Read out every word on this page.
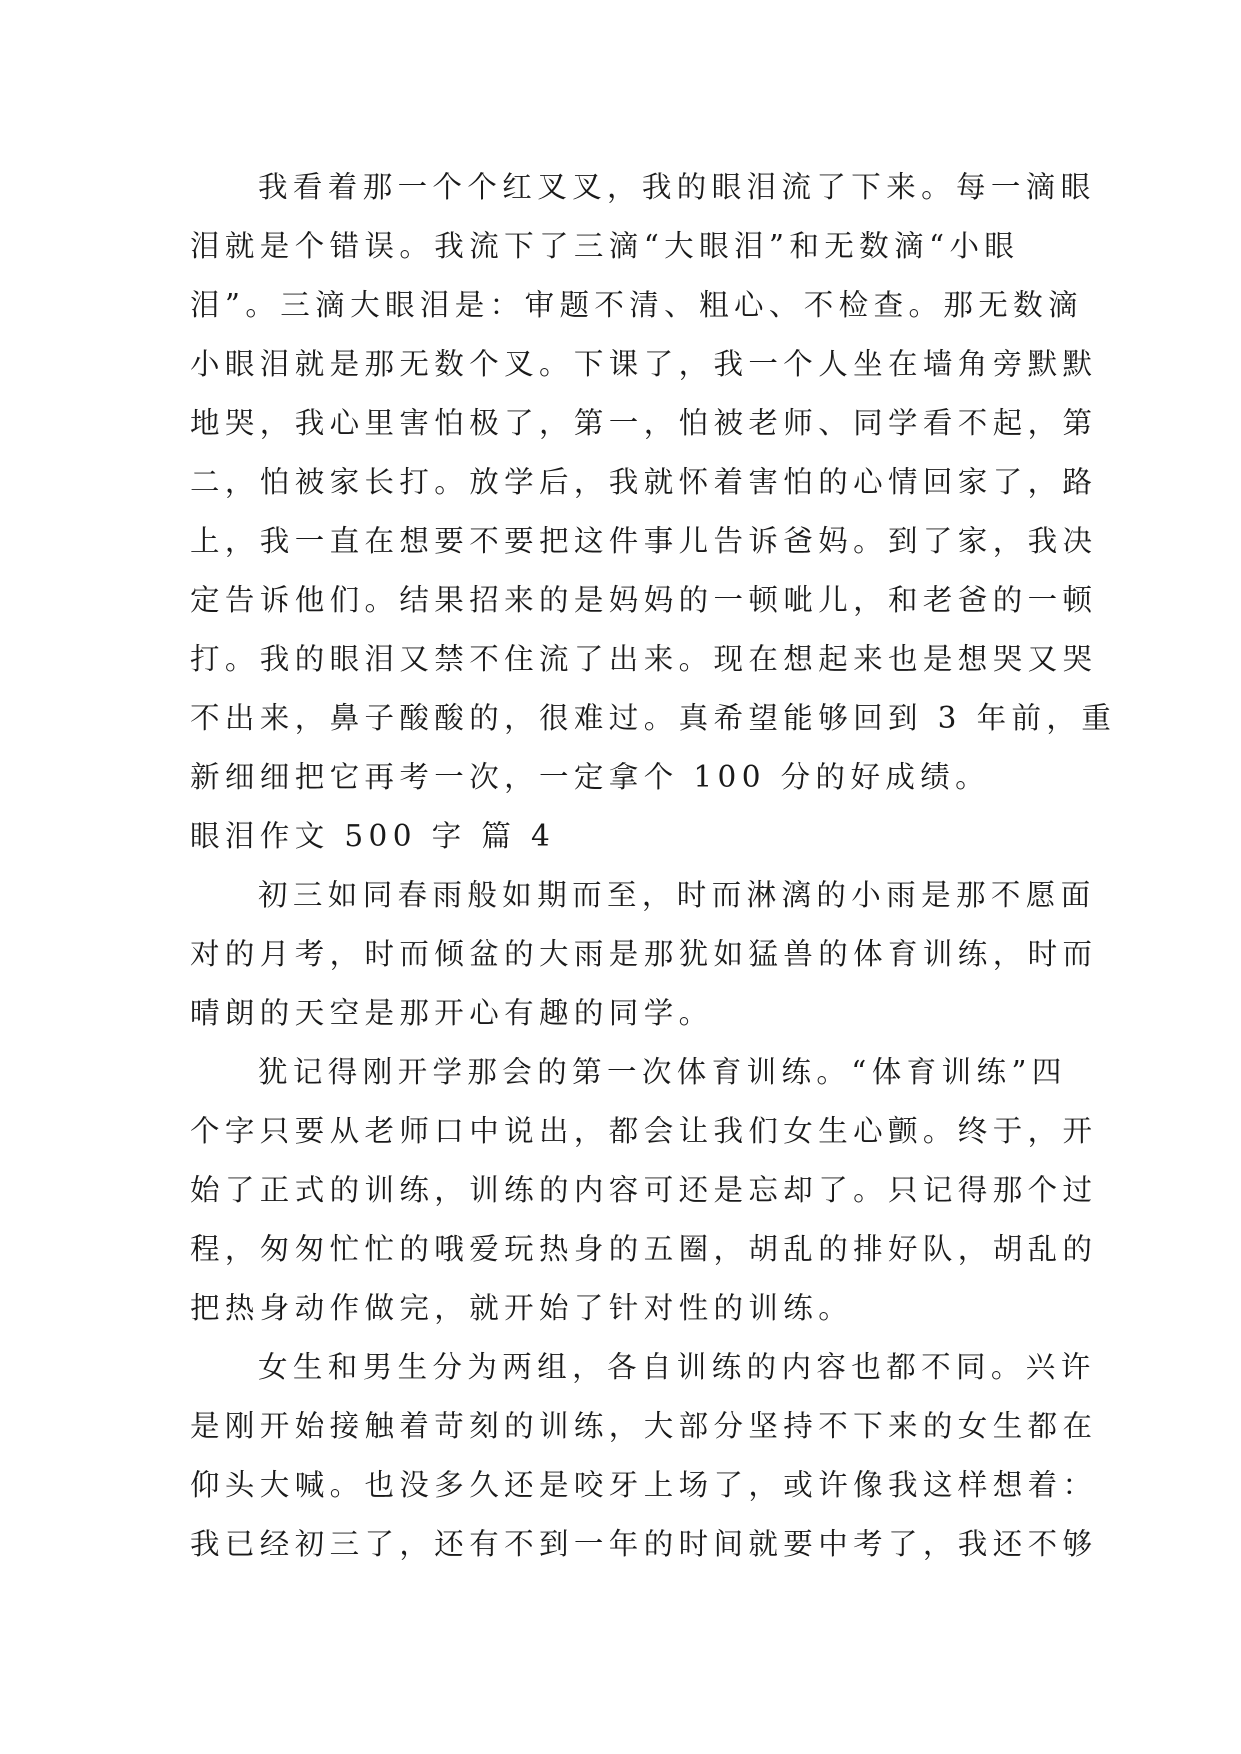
我看着那一个个红叉叉，我的眼泪流了下来。每一滴眼
泪就是个错误。我流下了三滴“大眼泪”和无数滴“小眼
泪”。三滴大眼泪是：审题不清、粗心、不检查。那无数滴
小眼泪就是那无数个叉。下课了，我一个人坐在墙角旁默默
地哭，我心里害怕极了，第一，怕被老师、同学看不起，第
二，怕被家长打。放学后，我就怀着害怕的心情回家了，路
上，我一直在想要不要把这件事儿告诉爸妈。到了家，我决
定告诉他们。结果招来的是妈妈的一顿呲儿，和老爸的一顿
打。我的眼泪又禁不住流了出来。现在想起来也是想哭又哭
不出来，鼻子酸酸的，很难过。真希望能够回到 3 年前，重
新细细把它再考一次，一定拿个 100 分的好成绩。
眼泪作文 500 字 篇 4
初三如同春雨般如期而至，时而淋漓的小雨是那不愿面
对的月考，时而倾盆的大雨是那犹如猛兽的体育训练，时而
晴朗的天空是那开心有趣的同学。
犹记得刚开学那会的第一次体育训练。“体育训练”四
个字只要从老师口中说出，都会让我们女生心颤。终于，开
始了正式的训练，训练的内容可还是忘却了。只记得那个过
程，匆匆忙忙的哦爱玩热身的五圈，胡乱的排好队，胡乱的
把热身动作做完，就开始了针对性的训练。
女生和男生分为两组，各自训练的内容也都不同。兴许
是刚开始接触着苛刻的训练，大部分坚持不下来的女生都在
仰头大喊。也没多久还是咬牙上场了，或许像我这样想着：
我已经初三了，还有不到一年的时间就要中考了，我还不够
